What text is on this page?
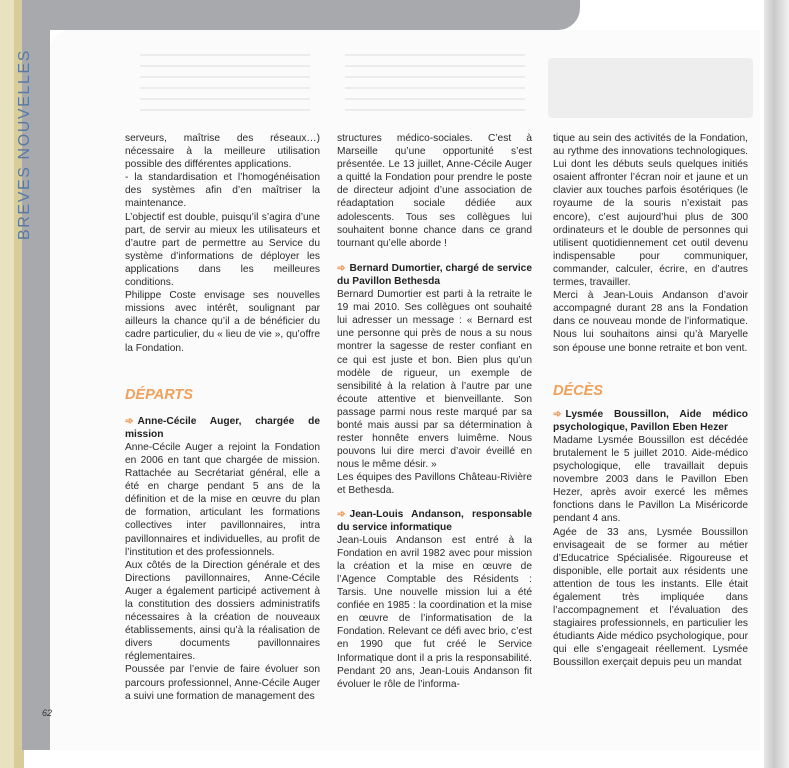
BREVES NOUVELLES
62

serveurs, maîtrise des réseaux…) nécessaire à la meilleure utilisation possible des différentes applications.

- la standardisation et l’homogénéisation des systèmes afin d’en maîtriser la maintenance.

L’objectif est double, puisqu’il s’agira d’une part, de servir au mieux les utilisateurs et d’autre part de permettre au Service du système d’informations de déployer les applications dans les meilleures conditions.

Philippe Coste envisage ses nouvelles missions avec intérêt, soulignant par ailleurs la chance qu’il a de bénéficier du cadre particulier, du « lieu de vie », qu’offre la Fondation.

DÉPARTS

➾ Anne-Cécile Auger, chargée de mission

Anne-Cécile Auger a rejoint la Fondation en 2006 en tant que chargée de mission. Rattachée au Secrétariat général, elle a été en charge pendant 5 ans de la définition et de la mise en œuvre du plan de formation, articulant les formations collectives inter pavillonnaires, intra pavillonnaires et individuelles, au profit de l’institution et des professionnels.

Aux côtés de la Direction générale et des Directions pavillonnaires, Anne-Cécile Auger a également participé activement à la constitution des dossiers administratifs nécessaires à la création de nouveaux établissements, ainsi qu’à la réalisation de divers documents pavillonnaires réglementaires.

Poussée par l’envie de faire évoluer son parcours professionnel, Anne-Cécile Auger a suivi une formation de management des

structures médico-sociales. C’est à Marseille qu’une opportunité s’est présentée. Le 13 juillet, Anne-Cécile Auger a quitté la Fondation pour prendre le poste de directeur adjoint d’une association de réadaptation sociale dédiée aux adolescents. Tous ses collègues lui souhaitent bonne chance dans ce grand tournant qu’elle aborde !

➾ Bernard Dumortier, chargé de service du Pavillon Bethesda

Bernard Dumortier est parti à la retraite le 19 mai 2010. Ses collègues ont souhaité lui adresser un message : « Bernard est une personne qui près de nous a su nous montrer la sagesse de rester confiant en ce qui est juste et bon. Bien plus qu’un modèle de rigueur, un exemple de sensibilité à la relation à l’autre par une écoute attentive et bienveillante. Son passage parmi nous reste marqué par sa bonté mais aussi par sa détermination à rester honnête envers luimême. Nous pouvons lui dire merci d’avoir éveillé en nous le même désir. »

Les équipes des Pavillons Château-Rivière et Bethesda.

➾ Jean-Louis Andanson, responsable du service informatique

Jean-Louis Andanson est entré à la Fondation en avril 1982 avec pour mission la création et la mise en œuvre de l’Agence Comptable des Résidents : Tarsis. Une nouvelle mission lui a été confiée en 1985 : la coordination et la mise en œuvre de l’informatisation de la Fondation. Relevant ce défi avec brio, c’est en 1990 que fut créé le Service Informatique dont il a pris la responsabilité. Pendant 20 ans, Jean-Louis Andanson fit évoluer le rôle de l’informa-

tique au sein des activités de la Fondation, au rythme des innovations technologiques. Lui dont les débuts seuls quelques initiés osaient affronter l’écran noir et jaune et un clavier aux touches parfois ésotériques (le royaume de la souris n’existait pas encore), c’est aujourd’hui plus de 300 ordinateurs et le double de personnes qui utilisent quotidiennement cet outil devenu indispensable pour communiquer, commander, calculer, écrire, en d’autres termes, travailler.

Merci à Jean-Louis Andanson d’avoir accompagné durant 28 ans la Fondation dans ce nouveau monde de l’informatique. Nous lui souhaitons ainsi qu’à Maryelle son épouse une bonne retraite et bon vent.

DÉCÈS

➾ Lysmée Boussillon, Aide médico psychologique, Pavillon Eben Hezer

Madame Lysmée Boussillon est décédée brutalement le 5 juillet 2010. Aide-médico psychologique, elle travaillait depuis novembre 2003 dans le Pavillon Eben Hezer, après avoir exercé les mêmes fonctions dans le Pavillon La Miséricorde pendant 4 ans.

Agée de 33 ans, Lysmée Boussillon envisageait de se former au métier d’Educatrice Spécialisée. Rigoureuse et disponible, elle portait aux résidents une attention de tous les instants. Elle était également très impliquée dans l’accompagnement et l’évaluation des stagiaires professionnels, en particulier les étudiants Aide médico psychologique, pour qui elle s’engageait réellement. Lysmée Boussillon exerçait depuis peu un mandat
